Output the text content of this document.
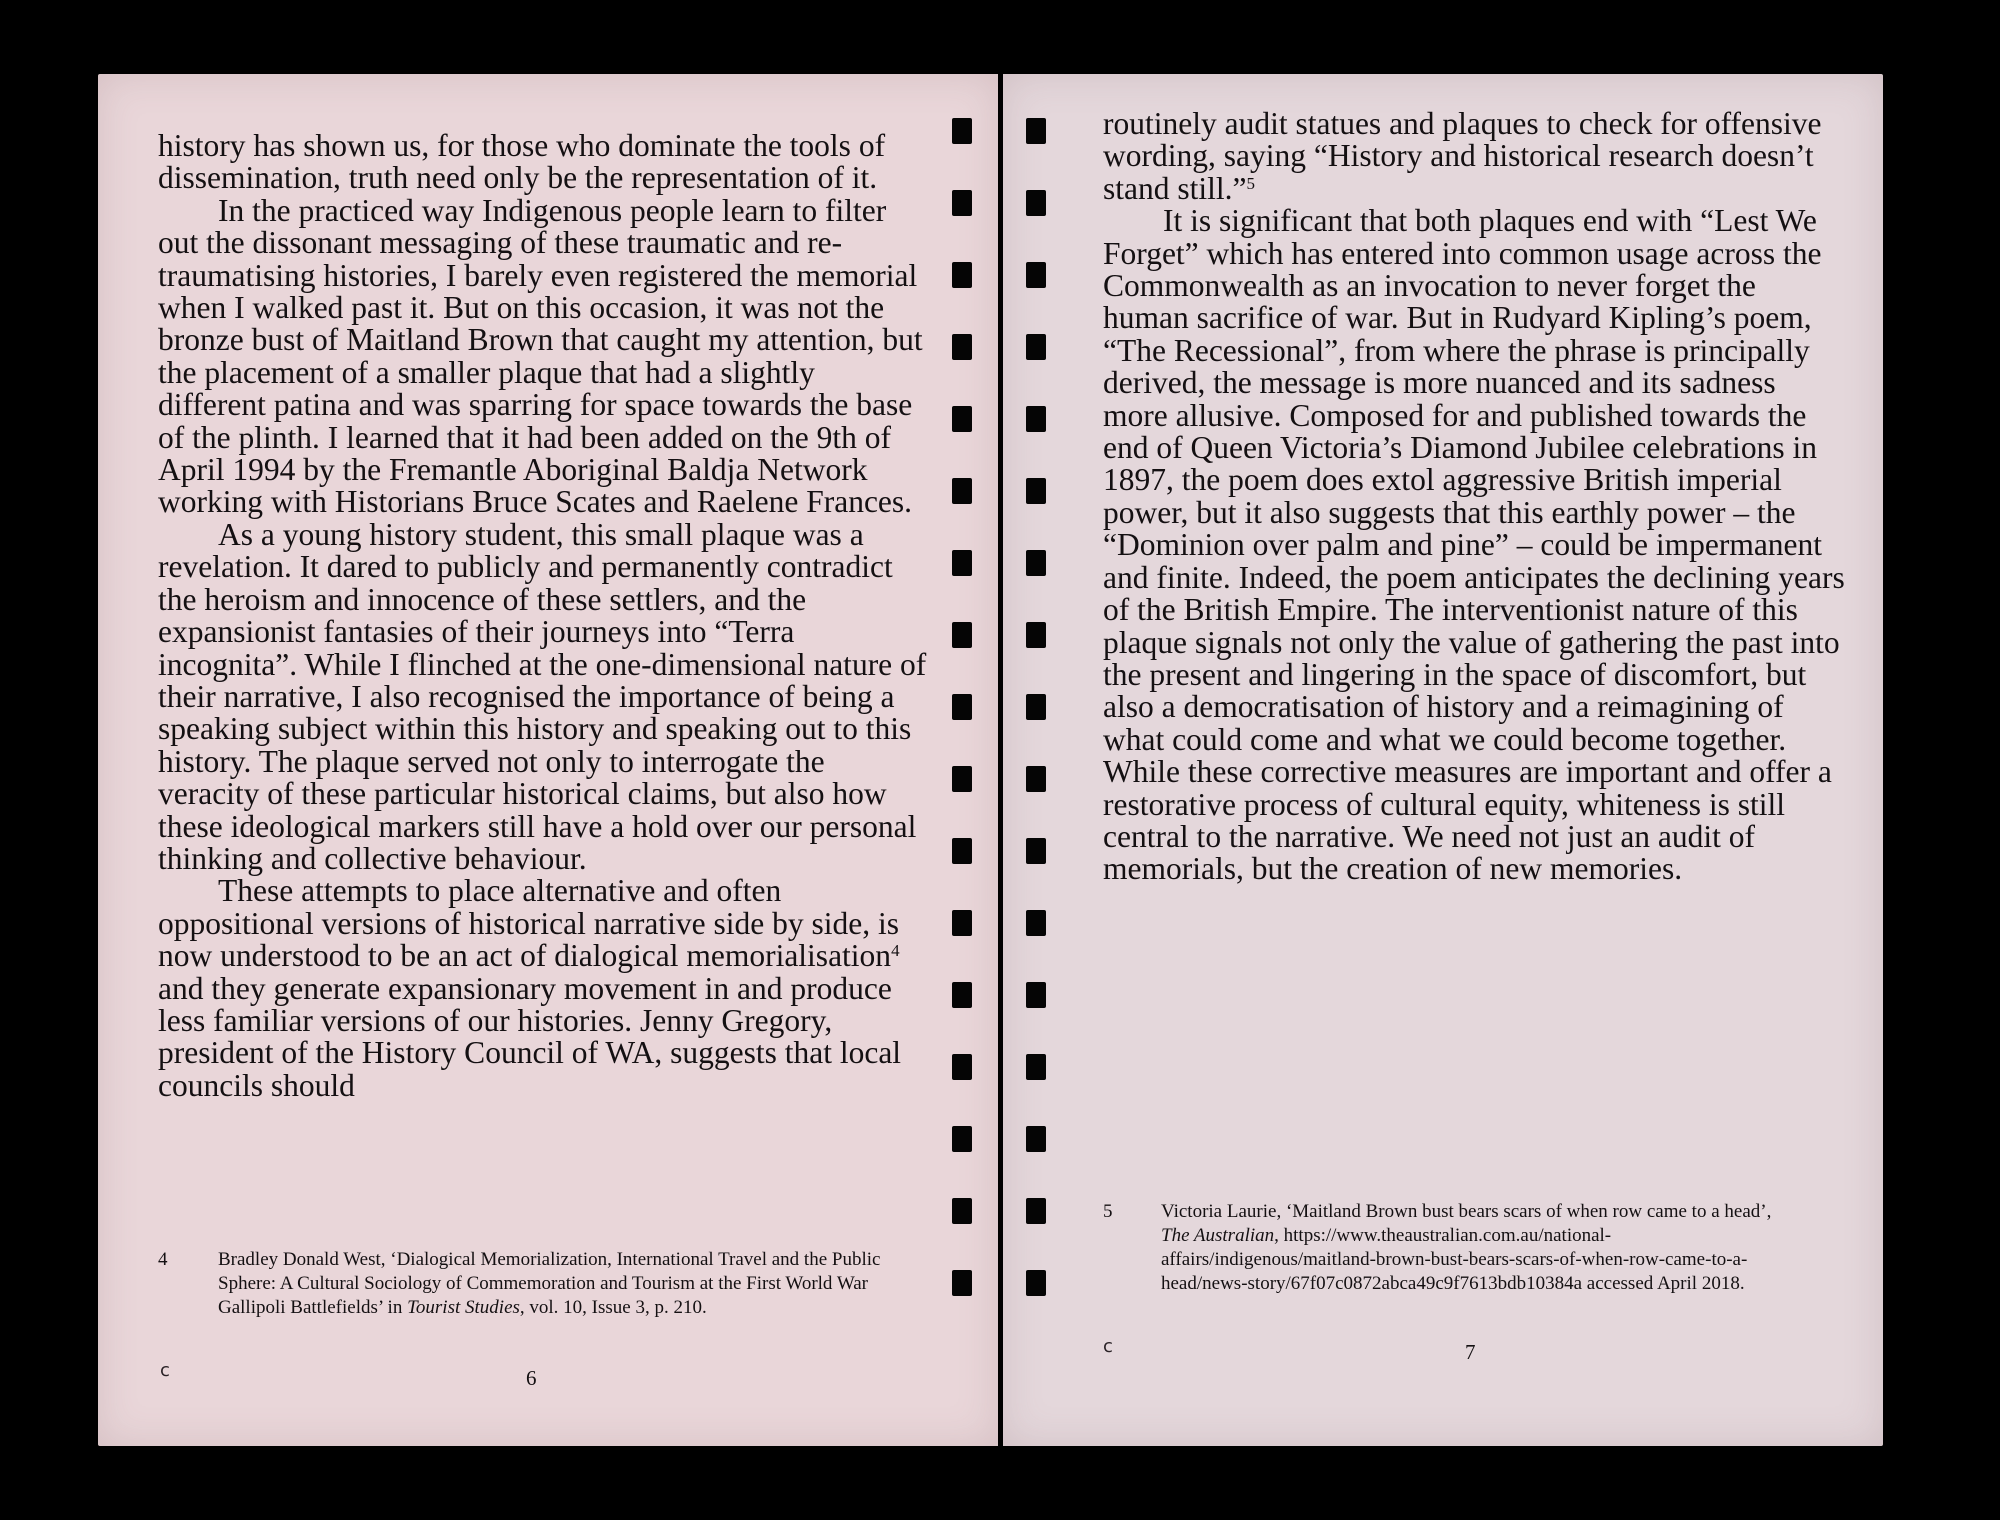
history has shown us, for those who dominate the tools of dissemination, truth need only be the representation of it.

In the practiced way Indigenous people learn to filter out the dissonant messaging of these traumatic and re-traumatising histories, I barely even registered the memorial when I walked past it. But on this occasion, it was not the bronze bust of Maitland Brown that caught my attention, but the placement of a smaller plaque that had a slightly different patina and was sparring for space towards the base of the plinth. I learned that it had been added on the 9th of April 1994 by the Fremantle Aboriginal Baldja Network working with Historians Bruce Scates and Raelene Frances.

As a young history student, this small plaque was a revelation. It dared to publicly and permanently contradict the heroism and innocence of these settlers, and the expansionist fantasies of their journeys into “Terra incognita”. While I flinched at the one-dimensional nature of their narrative, I also recognised the importance of being a speaking subject within this history and speaking out to this history. The plaque served not only to interrogate the veracity of these particular historical claims, but also how these ideological markers still have a hold over our personal thinking and collective behaviour.

These attempts to place alternative and often oppositional versions of historical narrative side by side, is now understood to be an act of dialogical memorialisation$^4$ and they generate expansionary movement in and produce less familiar versions of our histories. Jenny Gregory, president of the History Council of WA, suggests that local councils should

4	Bradley Donald West, ‘Dialogical Memorialization, International Travel and the Public Sphere: A Cultural Sociology of Commemoration and Tourism at the First World War Gallipoli Battlefields’ in Tourist Studies, vol. 10, Issue 3, p. 210.
c	6

routinely audit statues and plaques to check for offensive wording, saying “History and historical research doesn’t stand still.”$^5$

It is significant that both plaques end with “Lest We Forget” which has entered into common usage across the Commonwealth as an invocation to never forget the human sacrifice of war. But in Rudyard Kipling’s poem, “The Recessional”, from where the phrase is principally derived, the message is more nuanced and its sadness more allusive. Composed for and published towards the end of Queen Victoria’s Diamond Jubilee celebrations in 1897, the poem does extol aggressive British imperial power, but it also suggests that this earthly power – the “Dominion over palm and pine” – could be impermanent and finite. Indeed, the poem anticipates the declining years of the British Empire. The interventionist nature of this plaque signals not only the value of gathering the past into the present and lingering in the space of discomfort, but also a democratisation of history and a reimagining of what could come and what we could become together. While these corrective measures are important and offer a restorative process of cultural equity, whiteness is still central to the narrative. We need not just an audit of memorials, but the creation of new memories.

5	Victoria Laurie, ‘Maitland Brown bust bears scars of when row came to a head’, The Australian, https://www.theaustralian.com.au/national-affairs/indigenous/maitland-brown-bust-bears-scars-of-when-row-came-to-a-head/news-story/67f07c0872abca49c9f7613bdb10384a accessed April 2018.
c	7
